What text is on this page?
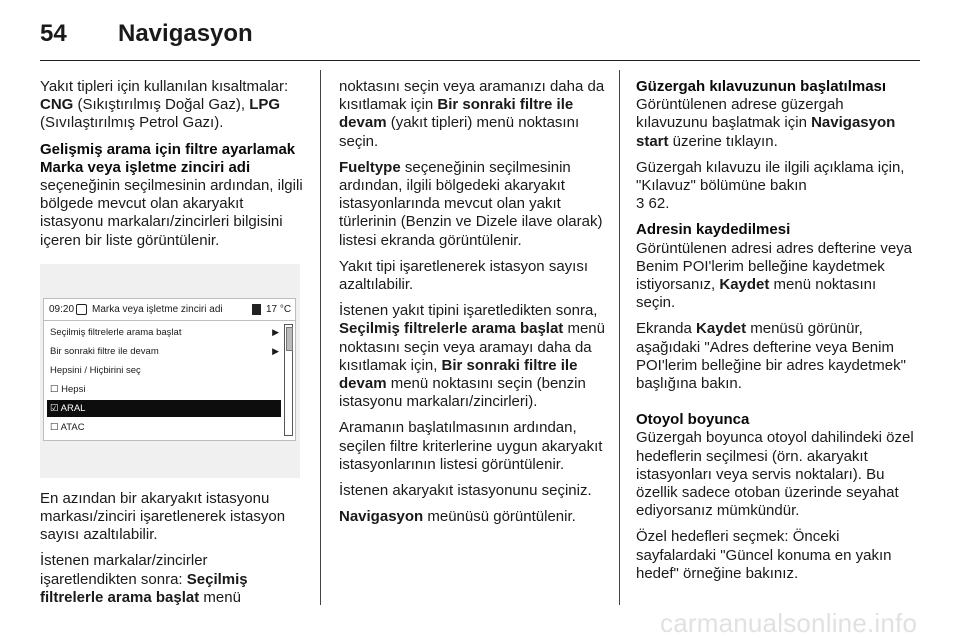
54 Navigasyon

Yakıt tipleri için kullanılan kısaltmalar: CNG (Sıkıştırılmış Doğal Gaz), LPG (Sıvılaştırılmış Petrol Gazı).

Gelişmiş arama için filtre ayarlamak Marka veya işletme zinciri adi seçeneğinin seçilmesinin ardından, ilgili bölgede mevcut olan akaryakıt istasyonu markaları/zincirleri bilgisini içeren bir liste görüntülenir.

09:20 Marka veya işletme zinciri adi	17 °C
Seçilmiş filtrelerle arama başlat	▶
Bir sonraki filtre ile devam	▶
Hepsini / Hiçbirini seç
☐ Hepsi
☑ ARAL
☐ ATAC

En azından bir akaryakıt istasyonu markası/zinciri işaretlenerek istasyon sayısı azaltılabilir.

İstenen markalar/zincirler işaretlendikten sonra: Seçilmiş filtrelerle arama başlat menü

noktasını seçin veya aramanızı daha da kısıtlamak için Bir sonraki filtre ile devam (yakıt tipleri) menü noktasını seçin.

Fueltype seçeneğinin seçilmesinin ardından, ilgili bölgedeki akaryakıt istasyonlarında mevcut olan yakıt türlerinin (Benzin ve Dizele ilave olarak) listesi ekranda görüntülenir.

Yakıt tipi işaretlenerek istasyon sayısı azaltılabilir.

İstenen yakıt tipini işaretledikten sonra, Seçilmiş filtrelerle arama başlat menü noktasını seçin veya aramayı daha da kısıtlamak için, Bir sonraki filtre ile devam menü noktasını seçin (benzin istasyonu markaları/zincirleri).

Aramanın başlatılmasının ardından, seçilen filtre kriterlerine uygun akaryakıt istasyonlarının listesi görüntülenir.

İstenen akaryakıt istasyonunu seçiniz.

Navigasyon meünüsü görüntülenir.

Güzergah kılavuzunun başlatılması
Görüntülenen adrese güzergah kılavuzunu başlatmak için Navigasyon start üzerine tıklayın.

Güzergah kılavuzu ile ilgili açıklama için, "Kılavuz" bölümüne bakın
3 62.

Adresin kaydedilmesi
Görüntülenen adresi adres defterine veya Benim POI'lerim belleğine kaydetmek istiyorsanız, Kaydet menü noktasını seçin.

Ekranda Kaydet menüsü görünür, aşağıdaki "Adres defterine veya Benim POI'lerim belleğine bir adres kaydetmek" başlığına bakın.

Otoyol boyunca
Güzergah boyunca otoyol dahilindeki özel hedeflerin seçilmesi (örn. akaryakıt istasyonları veya servis noktaları). Bu özellik sadece otoban üzerinde seyahat ediyorsanız mümkündür.

Özel hedefleri seçmek: Önceki sayfalardaki "Güncel konuma en yakın hedef" örneğine bakınız.

carmanualsonline.info
